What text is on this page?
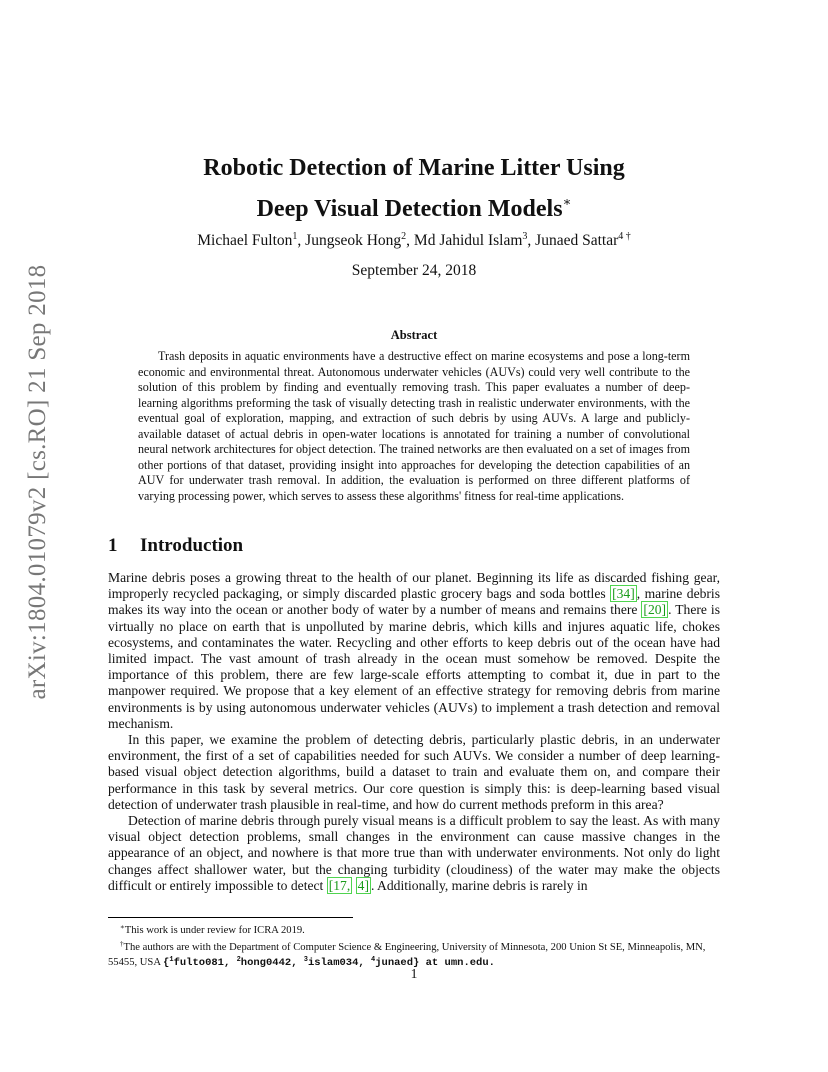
arXiv:1804.01079v2 [cs.RO] 21 Sep 2018
Robotic Detection of Marine Litter Using
Deep Visual Detection Models∗
Michael Fulton$^1$, Jungseok Hong$^2$, Md Jahidul Islam$^3$, Junaed Sattar$^{4 \dagger}$
September 24, 2018
Abstract

Trash deposits in aquatic environments have a destructive effect on marine ecosystems and pose a long-term economic and environmental threat. Autonomous underwater vehicles (AUVs) could very well contribute to the solution of this problem by finding and eventually removing trash. This paper evaluates a number of deep-learning algorithms preforming the task of visually detecting trash in realistic underwater environments, with the eventual goal of exploration, mapping, and extraction of such debris by using AUVs. A large and publicly-available dataset of actual debris in open-water locations is annotated for training a number of convolutional neural network architectures for object detection. The trained networks are then evaluated on a set of images from other portions of that dataset, providing insight into approaches for developing the detection capabilities of an AUV for underwater trash removal. In addition, the evaluation is performed on three different platforms of varying processing power, which serves to assess these algorithms' fitness for real-time applications.

1 Introduction

Marine debris poses a growing threat to the health of our planet. Beginning its life as discarded fishing gear, improperly recycled packaging, or simply discarded plastic grocery bags and soda bottles [34] , marine debris makes its way into the ocean or another body of water by a number of means and remains there [20] . There is virtually no place on earth that is unpolluted by marine debris, which kills and injures aquatic life, chokes ecosystems, and contaminates the water. Recycling and other efforts to keep debris out of the ocean have had limited impact. The vast amount of trash already in the ocean must somehow be removed. Despite the importance of this problem, there are few large-scale efforts attempting to combat it, due in part to the manpower required. We propose that a key element of an effective strategy for removing debris from marine environments is by using autonomous underwater vehicles (AUVs) to implement a trash detection and removal mechanism.

In this paper, we examine the problem of detecting debris, particularly plastic debris, in an underwater environment, the first of a set of capabilities needed for such AUVs. We consider a number of deep learning-based visual object detection algorithms, build a dataset to train and evaluate them on, and compare their performance in this task by several metrics. Our core question is simply this: is deep-learning based visual detection of underwater trash plausible in real-time, and how do current methods preform in this area?

Detection of marine debris through purely visual means is a difficult problem to say the least. As with many visual object detection problems, small changes in the environment can cause massive changes in the appearance of an object, and nowhere is that more true than with underwater environments. Not only do light changes affect shallower water, but the changing turbidity (cloudiness) of the water may make the objects difficult or entirely impossible to detect [17, 4] . Additionally, marine debris is rarely in

∗This work is under review for ICRA 2019.

†The authors are with the Department of Computer Science & Engineering, University of Minnesota, 200 Union St SE, Minneapolis, MN, 55455, USA {$^1$fulto081, $^2$hong0442, $^3$islam034, $^4$junaed} at umn.edu.

1
